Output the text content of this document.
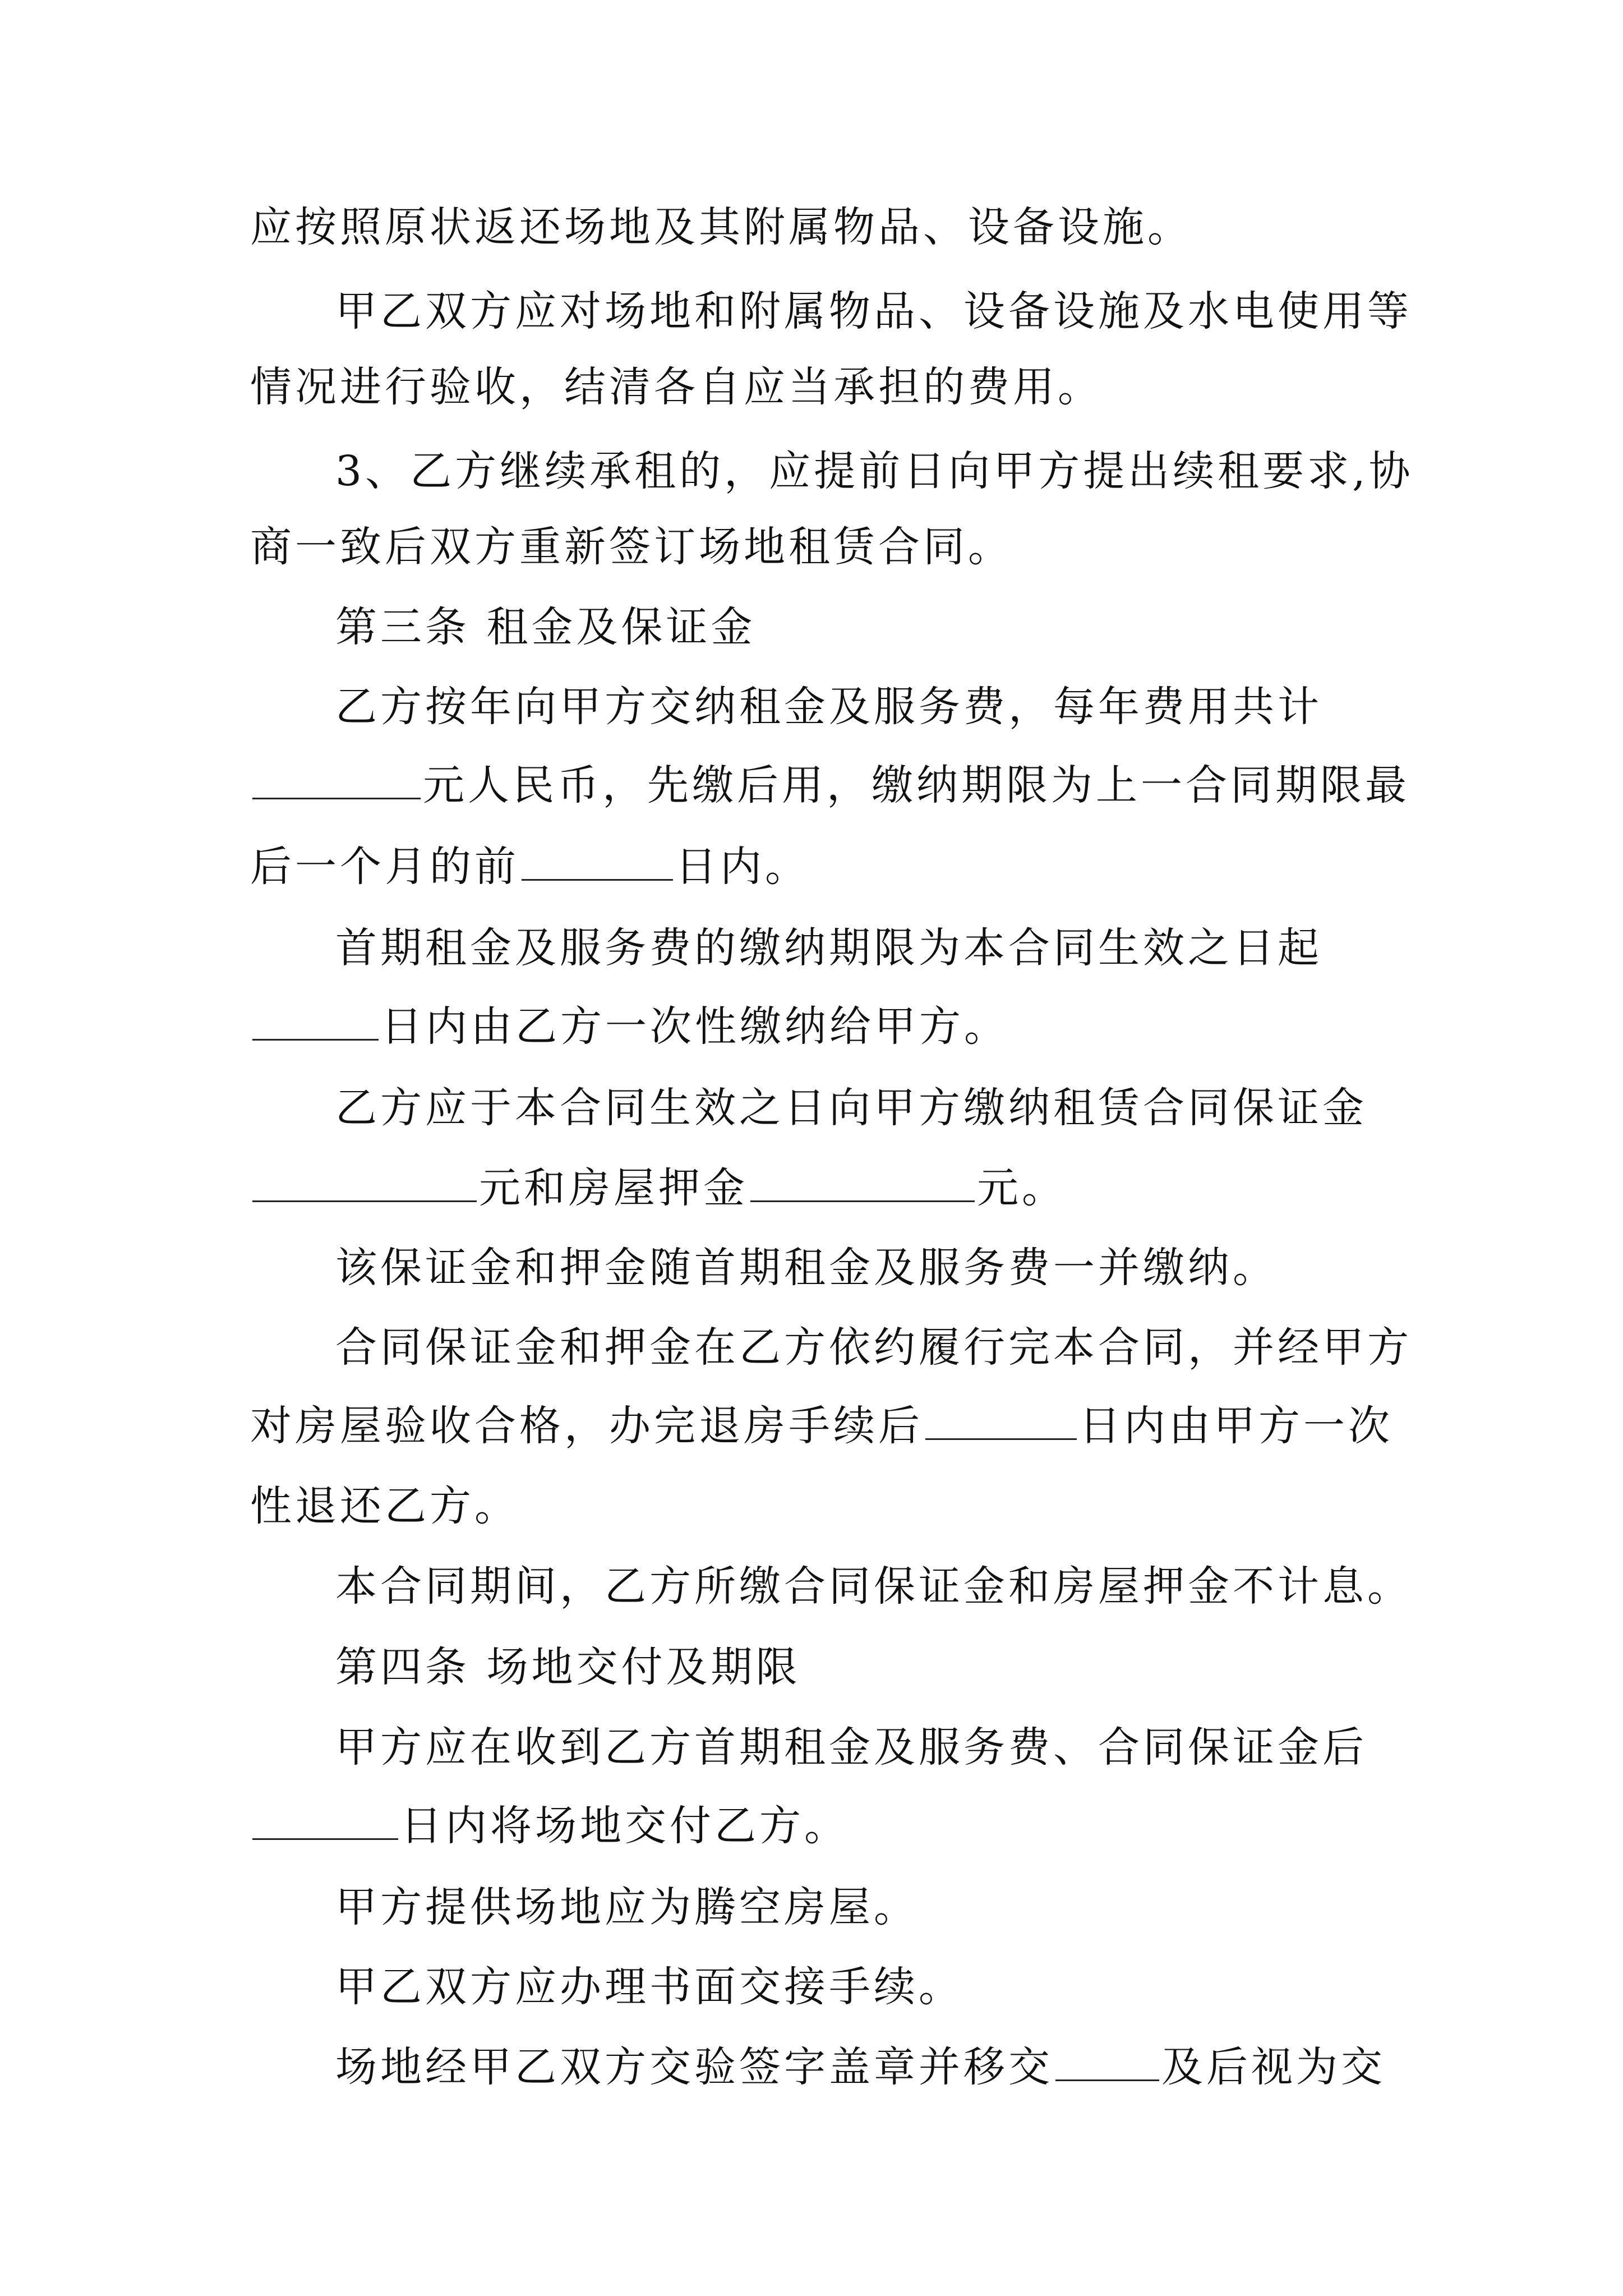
应按照原状返还场地及其附属物品、设备设施。
甲乙双方应对场地和附属物品、设备设施及水电使用等
情况进行验收，结清各自应当承担的费用。
3、乙方继续承租的，应提前日向甲方提出续租要求,协
商一致后双方重新签订场地租赁合同。
第三条 租金及保证金
乙方按年向甲方交纳租金及服务费，每年费用共计
元人民币，先缴后用，缴纳期限为上一合同期限最
后一个月的前	日内。
首期租金及服务费的缴纳期限为本合同生效之日起
日内由乙方一次性缴纳给甲方。
乙方应于本合同生效之日向甲方缴纳租赁合同保证金
元和房屋押金	元。
该保证金和押金随首期租金及服务费一并缴纳。
合同保证金和押金在乙方依约履行完本合同，并经甲方
对房屋验收合格，办完退房手续后	日内由甲方一次
性退还乙方。
本合同期间，乙方所缴合同保证金和房屋押金不计息。
第四条 场地交付及期限
甲方应在收到乙方首期租金及服务费、合同保证金后
日内将场地交付乙方。
甲方提供场地应为腾空房屋。
甲乙双方应办理书面交接手续。
场地经甲乙双方交验签字盖章并移交	及后视为交
